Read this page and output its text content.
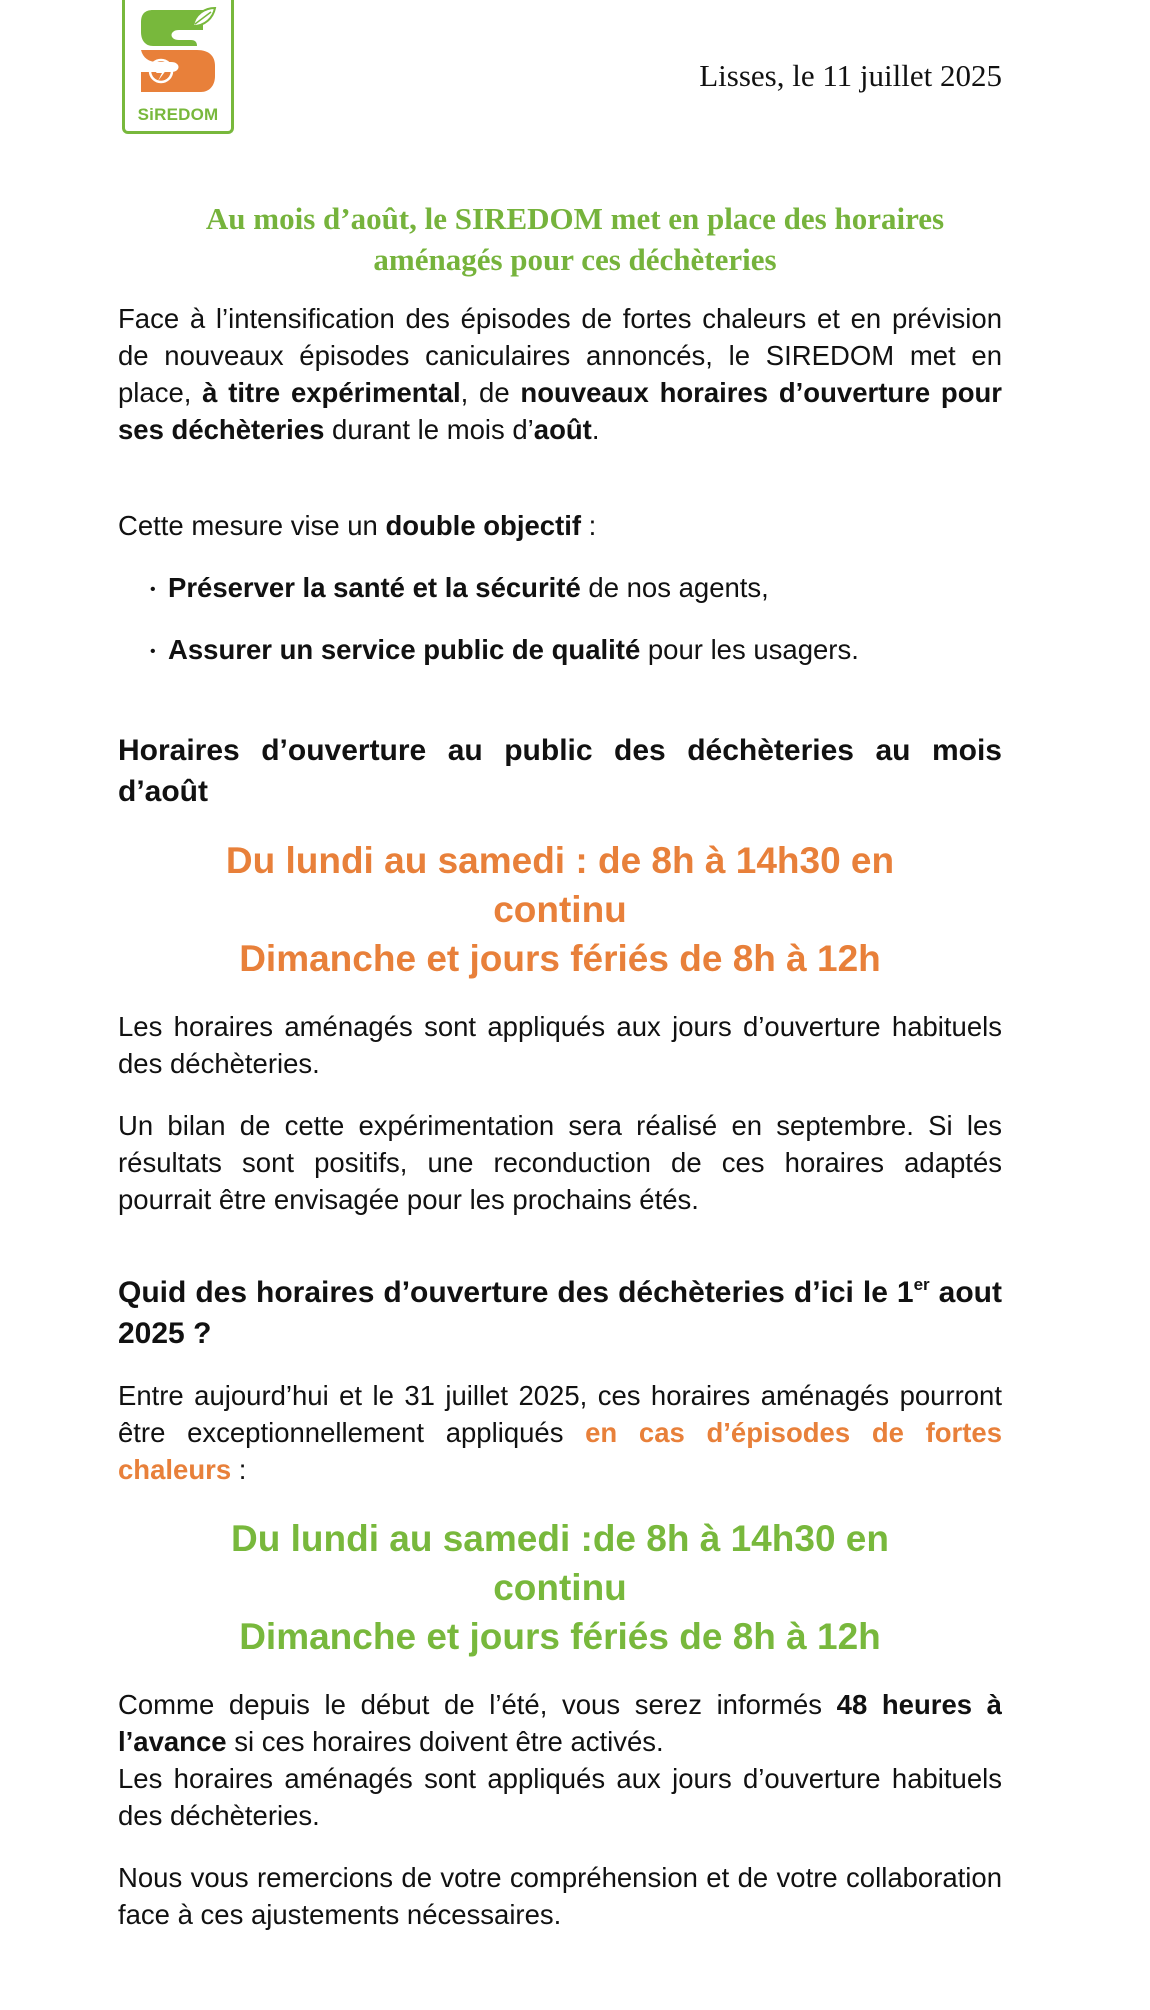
SiREDOM
Lisses, le 11 juillet 2025
Au mois d’août, le SIREDOM met en place des horaires
aménagés pour ces déchèteries
Face à l’intensification des épisodes de fortes chaleurs et en prévision de nouveaux épisodes caniculaires annoncés, le SIREDOM met en place, à titre expérimental, de nouveaux horaires d’ouverture pour ses déchèteries durant le mois d’août.
Cette mesure vise un double objectif :
• Préserver la santé et la sécurité de nos agents,
• Assurer un service public de qualité pour les usagers.
Horaires d’ouverture au public des déchèteries au mois d’août
Du lundi au samedi : de 8h à 14h30 en
continu
Dimanche et jours fériés de 8h à 12h
Les horaires aménagés sont appliqués aux jours d’ouverture habituels des déchèteries.
Un bilan de cette expérimentation sera réalisé en septembre. Si les résultats sont positifs, une reconduction de ces horaires adaptés pourrait être envisagée pour les prochains étés.
Quid des horaires d’ouverture des déchèteries d’ici le 1er aout 2025 ?
Entre aujourd’hui et le 31 juillet 2025, ces horaires aménagés pourront être exceptionnellement appliqués en cas d’épisodes de fortes chaleurs :
Du lundi au samedi :de 8h à 14h30 en
continu
Dimanche et jours fériés de 8h à 12h
Comme depuis le début de l’été, vous serez informés 48 heures à l’avance si ces horaires doivent être activés.
Les horaires aménagés sont appliqués aux jours d’ouverture habituels des déchèteries.
Nous vous remercions de votre compréhension et de votre collaboration face à ces ajustements nécessaires.
